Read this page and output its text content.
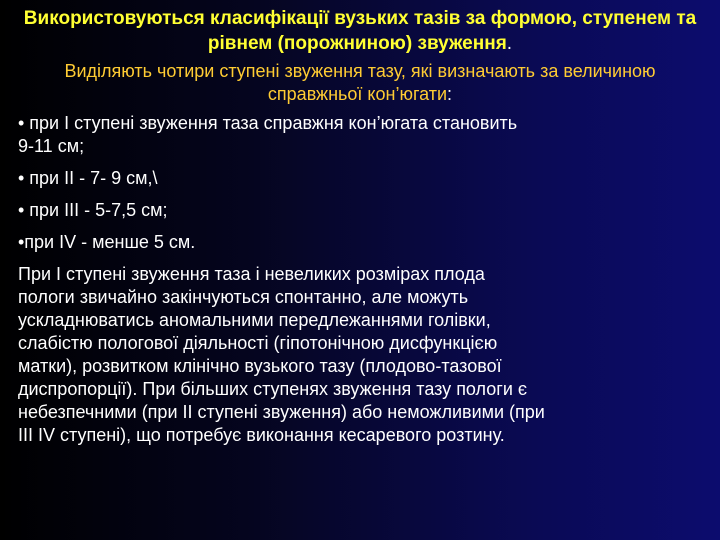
Використовуються класифікації вузьких тазів за формою, ступенем та рівнем (порожниною) звуження.
Виділяють чотири ступені звуження тазу, які визначають за величиною справжньої кон’югати:
• при І ступені звуження таза справжня кон’югата становить
9-11 см;
• при ІІ - 7- 9 см,\
• при ІІІ - 5-7,5 см;
•при IV - менше 5 см.
При І ступені звуження таза і невеликих розмірах плода
пологи звичайно закінчуються спонтанно, але можуть
ускладнюватись аномальними передлежаннями голівки,
слабістю пологової діяльності (гіпотонічною дисфункцією
матки), розвитком клінічно вузького тазу (плодово-тазової
диспропорції). При більших ступенях звуження тазу пологи є
небезпечними (при ІІ ступені звуження) або неможливими (при
ІІІ IV ступені), що потребує виконання кесаревого розтину.
